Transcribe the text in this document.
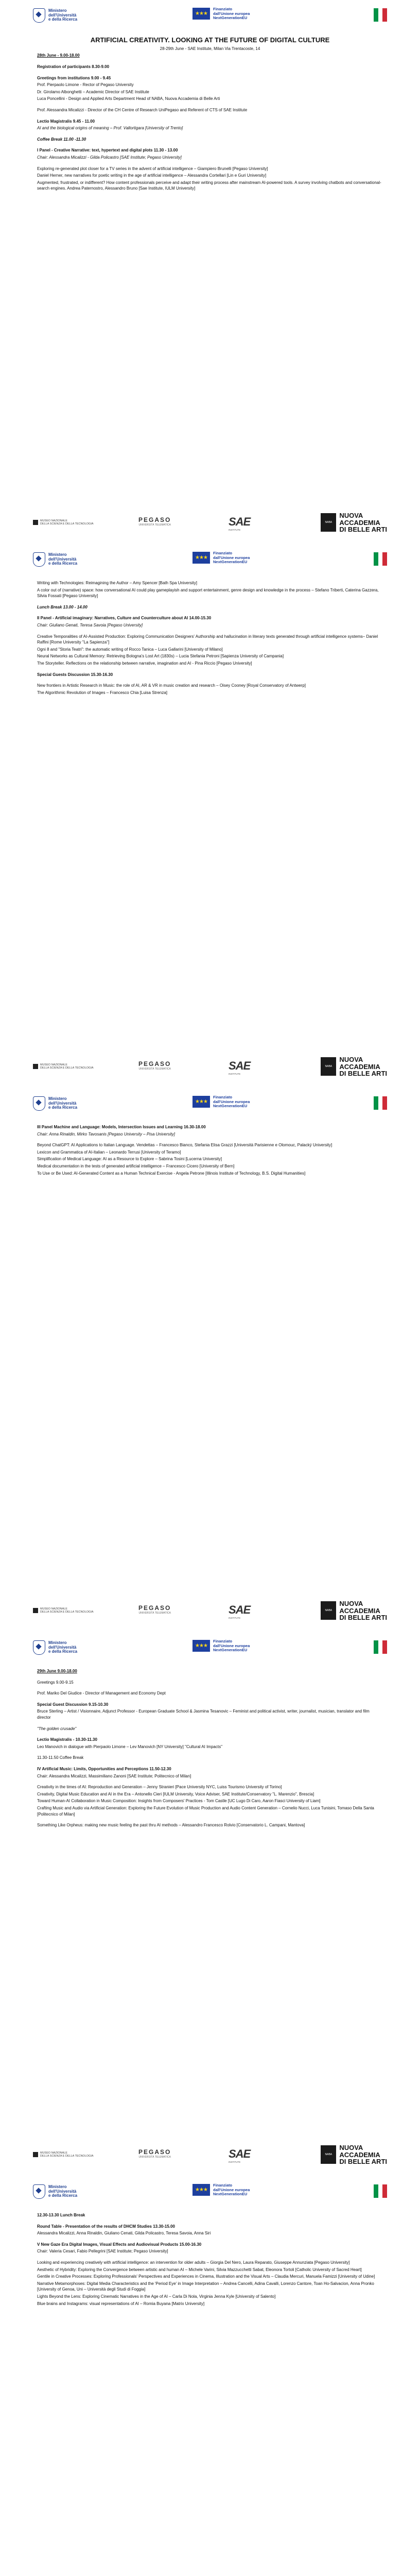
Ministero
dell'Università
e della Ricerca
★★★
Finanziato
dall'Unione europea
NextGenerationEU

ARTIFICIAL CREATIVITY. LOOKING AT THE FUTURE OF DIGITAL CULTURE

28-29th June - SAE Institute, Milan Via Trentacoste, 14

28th June - 9.00-18.00

Registration of participants 8.30-9.00

Greetings from institutions 9.00 - 9.45

Prof. Pierpaolo Limone - Rector of Pegaso University

Dr. Girolamo Albonghetti – Academic Director of SAE Institute

Luca Poncellini - Design and Applied Arts Department Head of NABA, Nuova Accademia di Belle Arti

Prof. Alessandra Micalizzi - Director of the CH Centre of Research UniPegaso and Referent of CTS of SAE Institute

Lectio Magistralis 9.45 - 11.00

AI and the biological origins of meaning – Prof. Vallortigara [University of Trento]

Coffee Break 11.00 -11.30

I Panel - Creative Narrative: text, hypertext and digital plots 11.30 - 13.00

Chair: Alessandra Micalizzi - Gilda Policastro [SAE Institute; Pegaso University]

Exploring re-generated plot closer for a TV series in the advent of artificial intelligence – Giampiero Brunelli [Pegaso University]

Daniel Herner, new narratives for poetic writing in the age of artificial intelligence – Alessandra Cortellari [Lin e Guri University]

Augmented, frustrated, or indifferent? How content professionals perceive and adapt their writing process after mainstream AI-powered tools. A survey involving chatbots and conversational-search engines. Andrea Paternostro, Alessandro Bruno [Sae Institute, IULM University]

MUSEO NAZIONALE
DELLA SCIENZA E DELLA TECNOLOGIA
PEGASO
UNIVERSITÀ TELEMATICA	SAE
INSTITUTE
NABA
NUOVA
ACCADEMIA
DI BELLE ARTI
Ministero
dell'Università
e della Ricerca
★★★
Finanziato
dall'Unione europea
NextGenerationEU

Writing with Technologies: Reimagining the Author – Amy Spencer [Bath Spa University]

A color out of (narrative) space: how conversational AI could play gameplayish and support entertainment, genre design and knowledge in the process – Stefano Triberti, Caterina Gazzera, Silvia Fossati [Pegaso University]

Lunch Break 13.00 - 14.00

II Panel - Artificial imaginary: Narratives, Culture and Counterculture about AI 14.00-15.30

Chair: Giuliano Genati, Teresa Savoia [Pegaso University]

Creative Temporalities of AI-Assisted Production: Exploring Communication Designers' Authorship and hallucination in literary texts generated through artificial intelligence systems– Daniel Raffini [Rome University "La Sapienza"]

Ogni 8 and "Storia Teatri": the automatic writing of Rocco Tanica – Luca Gallarini [University of Milano]

Neural Networks as Cultural Memory: Retrieving Bologna's Lost Art (1830s) – Lucia Stefania Petroni [Sapienza University of Campania]

The Storyteller. Reflections on the relationship between narrative, imagination and AI - Pina Riccio [Pegaso University]

Special Guests Discussion 15.30-16.30

New frontiers in Artistic Research in Music: the role of AI, AR & VR in music creation and research – Oisey Cooney [Royal Conservatory of Antwerp]

The Algorithmic Revolution of Images – Francesco Chia [Luisa Strenza]

MUSEO NAZIONALE
DELLA SCIENZA E DELLA TECNOLOGIA
PEGASO
UNIVERSITÀ TELEMATICA	SAE
INSTITUTE
NABA
NUOVA
ACCADEMIA
DI BELLE ARTI
Ministero
dell'Università
e della Ricerca
★★★
Finanziato
dall'Unione europea
NextGenerationEU

III Panel Machine and Language: Models, Intersection Issues and Learning 16.30-18.00

Chair: Anna Rinaldin, Mirko Tavosanis [Pegaso University – Pisa University]

Beyond ChatGPT: AI Applications to Italian Language. Vendettas – Francesco Bianco, Stefania Elisa Grazzi [Università Parisienne e Olomouc, Palacký University]

Lexicon and Grammatica of AI-Italian – Leonardo Terrusi [University of Teramo]

Simplification of Medical Language: AI as a Resource to Explore – Sabrina Tosini [Lucerna University]

Medical documentation in the tests of generated artificial intelligence – Francesco Cicero [University of Bern]

To Use or Be Used: AI-Generated Content as a Human Technical Exercise - Angela Petrone [Illinois Institute of Technology, B.S. Digital Humanities]

MUSEO NAZIONALE
DELLA SCIENZA E DELLA TECNOLOGIA
PEGASO
UNIVERSITÀ TELEMATICA	SAE
INSTITUTE
NABA
NUOVA
ACCADEMIA
DI BELLE ARTI
Ministero
dell'Università
e della Ricerca
★★★
Finanziato
dall'Unione europea
NextGenerationEU

29th June 9.00-18.00

Greetings 9.00-9.15

Prof. Mariko Del Giudice - Director of Management and Economy Dept

Special Guest Discussion 9.15-10.30

Bruce Sterling – Artist / Visionnaire, Adjunct Professor - European Graduate School & Jasmina Tesanovic – Feminist and political activist, writer, journalist, musician, translator and film director

"The golden crusade"

Lectio Magistralis - 10.30-11.30

Leo Manovich in dialogue with Pierpaolo Limone – Lev Manovich [NY University] "Cultural AI Impacts"

11.30-11.50 Coffee Break

IV Artificial Music: Limits, Opportunities and Perceptions 11.50-12.30

Chair: Alessandra Micalizzi, Massimiliano Zanoni [SAE Institute; Politecnico of Milan]

Creativity in the times of AI: Reproduction and Generation – Jenny Stranieri [Pace University NYC, Luiss Tourismo University of Torino]

Creativity, Digital Music Education and AI in the Era – Antonello Cieri [IULM University, Voice Adviser, SAE Institute/Conservatory "L. Marenzio", Brescia]

Toward Human-AI Collaboration in Music Composition: Insights from Composers' Practices - Tom Castle [UC Lugo Di Caro, Aaron Fiasci University of Liam]

Crafting Music and Audio via Artificial Generation: Exploring the Future Evolution of Music Production and Audio Content Generation – Cornelio Nucci, Luca Tunisini, Tomaso Della Santa [Politecnico of Milan]

Something Like Orpheus: making new music feeling the past thru AI methods – Alessandro Francesco Rolvio [Conservatorio L. Campani, Mantova]

MUSEO NAZIONALE
DELLA SCIENZA E DELLA TECNOLOGIA
PEGASO
UNIVERSITÀ TELEMATICA	SAE
INSTITUTE
NABA
NUOVA
ACCADEMIA
DI BELLE ARTI
Ministero
dell'Università
e della Ricerca
★★★
Finanziato
dall'Unione europea
NextGenerationEU

12.30-13.30 Lunch Break

Round Table - Presentation of the results of DHCM Studies 13.30-15.00

Alessandra Micalizzi, Anna Rinaldin, Giuliano Cenati, Gilda Policastro, Teresa Savoia, Anna Siri

V New Gaze Era Digital Images, Visual Effects and Audiovisual Products 15.00-16.30

Chair: Valeria Cesari, Fabio Pellegrini [SAE Institute; Pegaso University]

Looking and experiencing creatively with artificial intelligence: an intervention for older adults – Giorgia Del Nero, Laura Reparato, Giuseppe Annunziata [Pegaso University]

Aesthetic of Hybridity: Exploring the Convergence between artistic and human AI – Michele Varini, Silvia Mazzucchetti Sabat, Eleonora Tortoli [Catholic University of Sacred Heart]

Gentile in Creative Processes: Exploring Professionals' Perspectives and Experiences in Cinema, Illustration and the Visual Arts – Claudia Mercuri, Manuela Famizzi [University of Udine]

Narrative Metamorphoses: Digital Media Characteristics and the 'Period Eye' in Image Interpretation – Andrea Cancelli, Adina Cavalli, Lorenzo Cantore, Toan Ho-Salvacion, Anna Pronko [University of Genoa, Uni – Università degli Studi di Foggia]

Lights Beyond the Lens: Exploring Cinematic Narratives in the Age of AI – Carla Di Nola, Virginia Jenna Kyle [University of Salento]

Blue brains and Instagrams: visual representations of AI – Romia Buyana [Matrix University]
